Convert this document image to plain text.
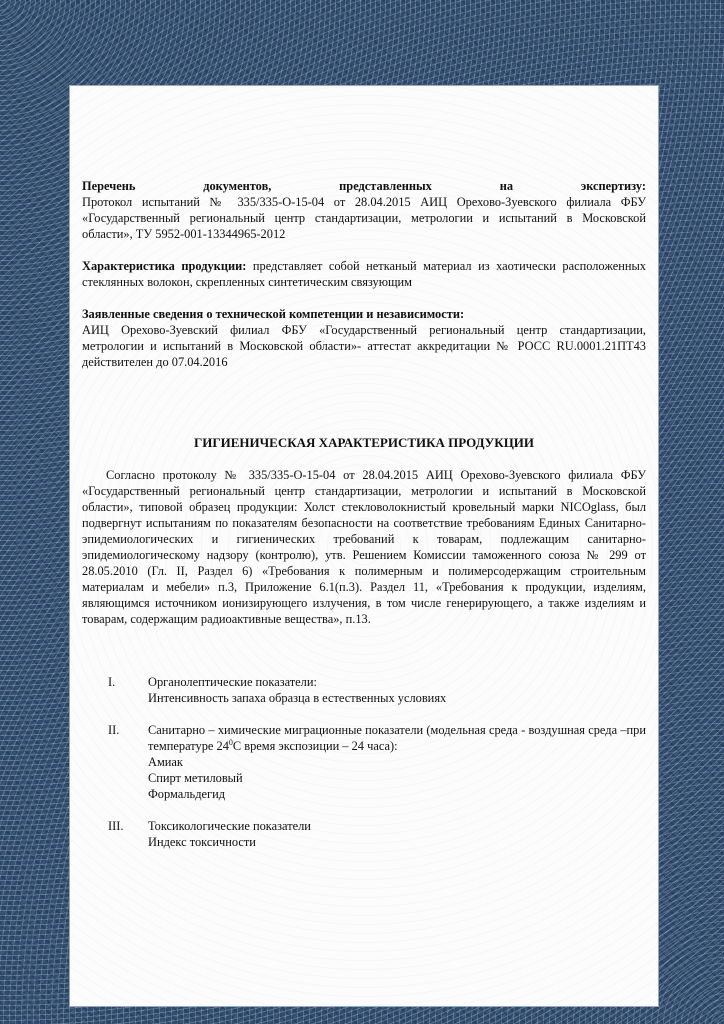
Перечень	документов,	представленных	на	экспертизу:
Протокол испытаний № 335/335-О-15-04 от 28.04.2015 АИЦ Орехово-Зуевского филиала ФБУ «Государственный региональный центр стандартизации, метрологии и испытаний в Московской области», ТУ 5952-001-13344965-2012
Характеристика продукции: представляет собой нетканый материал из хаотически расположенных стеклянных волокон, скрепленных синтетическим связующим
Заявленные сведения о технической компетенции и независимости:
АИЦ Орехово-Зуевский филиал ФБУ «Государственный региональный центр стандартизации, метрологии и испытаний в Московской области»- аттестат аккредитации № РОСС RU.0001.21ПТ43 действителен до 07.04.2016
ГИГИЕНИЧЕСКАЯ ХАРАКТЕРИСТИКА ПРОДУКЦИИ
Согласно протоколу № 335/335-О-15-04 от 28.04.2015 АИЦ Орехово-Зуевского филиала ФБУ «Государственный региональный центр стандартизации, метрологии и испытаний в Московской области», типовой образец продукции: Холст стекловолокнистый кровельный марки NICOglass, был подвергнут испытаниям по показателям безопасности на соответствие требованиям Единых Санитарно-эпидемиологических и гигиенических требований к товарам, подлежащим санитарно-эпидемиологическому надзору (контролю), утв. Решением Комиссии таможенного союза № 299 от 28.05.2010 (Гл. II, Раздел 6) «Требования к полимерным и полимерсодержащим строительным материалам и мебели» п.3, Приложение 6.1(п.3). Раздел 11, «Требования к продукции, изделиям, являющимся источником ионизирующего излучения, в том числе генерирующего, а также изделиям и товарам, содержащим радиоактивные вещества», п.13.
I.	Органолептические показатели:
Интенсивность запаха образца в естественных условиях
II. Санитарно – химические миграционные показатели (модельная среда - воздушная среда –при температуре $24^0С$ время экспозиции – 24 часа):
Амиак
Спирт метиловый
Формальдегид
III. Токсикологические показатели
Индекс токсичности
